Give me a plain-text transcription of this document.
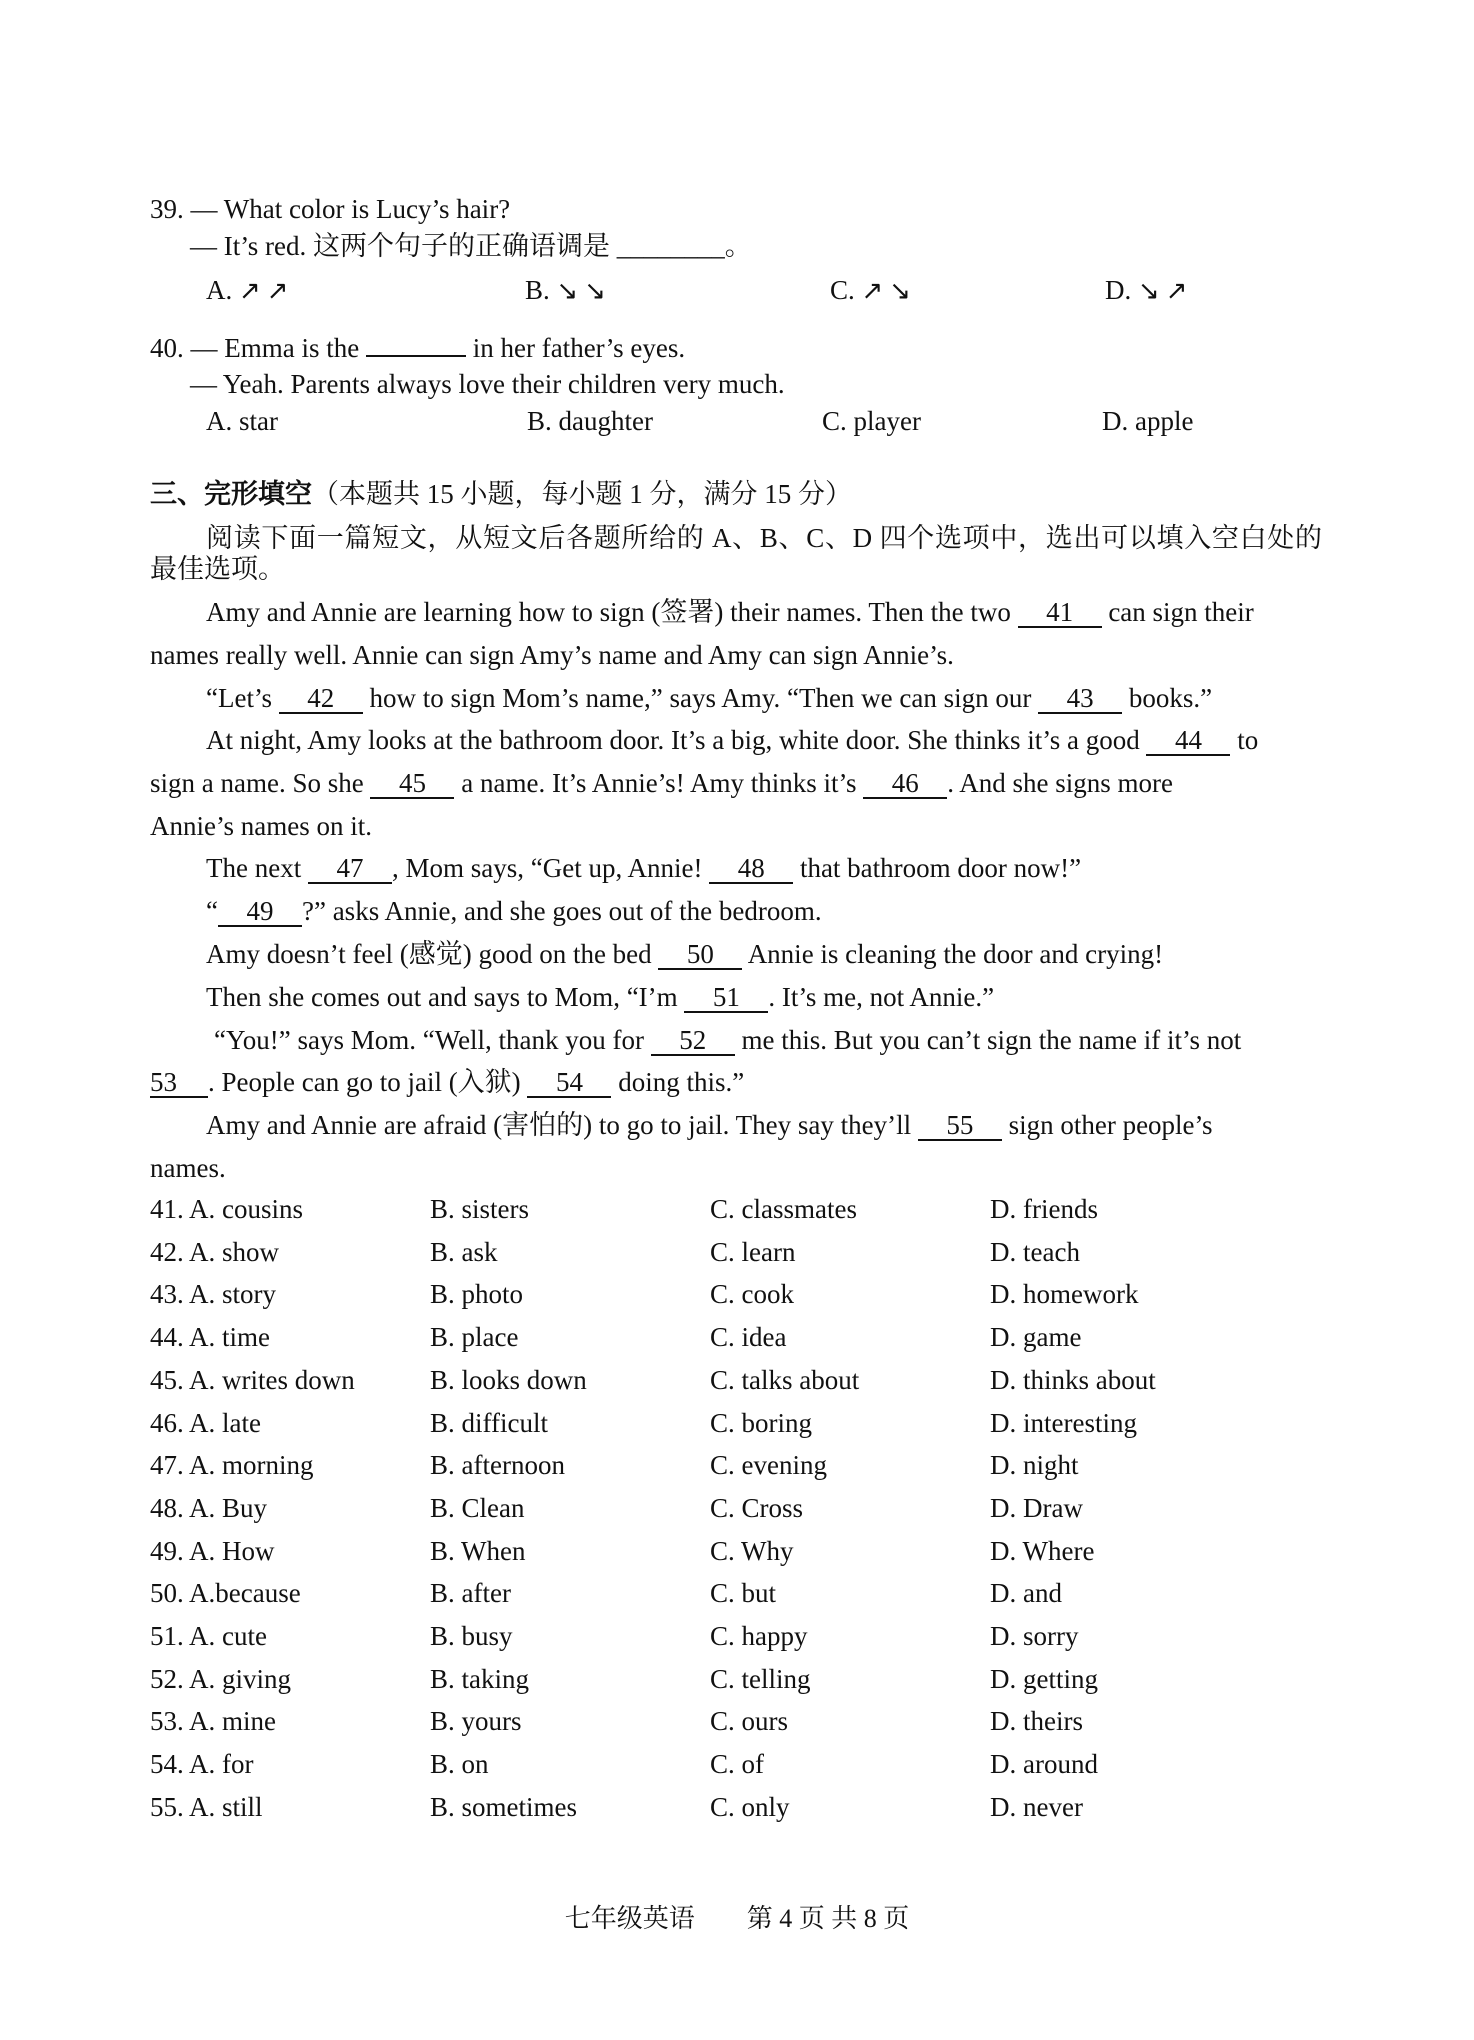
39. — What color is Lucy’s hair?
— It’s red. 这两个句子的正确语调是 ________。
A. ↗↗	B. ↘↘	C. ↗↘	D. ↘↗
40. — Emma is the	in her father’s eyes.
— Yeah. Parents always love their children very much.
A. star	B. daughter	C. player	D. apple
三、完形填空（本题共 15 小题，每小题 1 分，满分 15 分）
阅读下面一篇短文，从短文后各题所给的 A、B、C、D 四个选项中，选出可以填入空白处的
最佳选项。
Amy and Annie are learning how to sign (签署) their names. Then the two 41 can sign their
names really well. Annie can sign Amy’s name and Amy can sign Annie’s.
“Let’s 42 how to sign Mom’s name,” says Amy. “Then we can sign our 43 books.”
At night, Amy looks at the bathroom door. It’s a big, white door. She thinks it’s a good 44 to
sign a name. So she 45 a name. It’s Annie’s! Amy thinks it’s 46 . And she signs more
Annie’s names on it.
The next 47 , Mom says, “Get up, Annie! 48 that bathroom door now!”
“ 49 ?” asks Annie, and she goes out of the bedroom.
Amy doesn’t feel (感觉) good on the bed 50 Annie is cleaning the door and crying!
Then she comes out and says to Mom, “I’m 51 . It’s me, not Annie.”
“You!” says Mom. “Well, thank you for 52 me this. But you can’t sign the name if it’s not
53 . People can go to jail (入狱) 54 doing this.”
Amy and Annie are afraid (害怕的) to go to jail. They say they’ll 55 sign other people’s
names.
41. A. cousins	B. sisters	C. classmates	D. friends
42. A. show	B. ask	C. learn	D. teach
43. A. story	B. photo	C. cook	D. homework
44. A. time	B. place	C. idea	D. game
45. A. writes down	B. looks down	C. talks about	D. thinks about
46. A. late	B. difficult	C. boring	D. interesting
47. A. morning	B. afternoon	C. evening	D. night
48. A. Buy	B. Clean	C. Cross	D. Draw
49. A. How	B. When	C. Why	D. Where
50. A.because	B. after	C. but	D. and
51. A. cute	B. busy	C. happy	D. sorry
52. A. giving	B. taking	C. telling	D. getting
53. A. mine	B. yours	C. ours	D. theirs
54. A. for	B. on	C. of	D. around
55. A. still	B. sometimes	C. only	D. never
七年级英语　　第 4 页 共 8 页
